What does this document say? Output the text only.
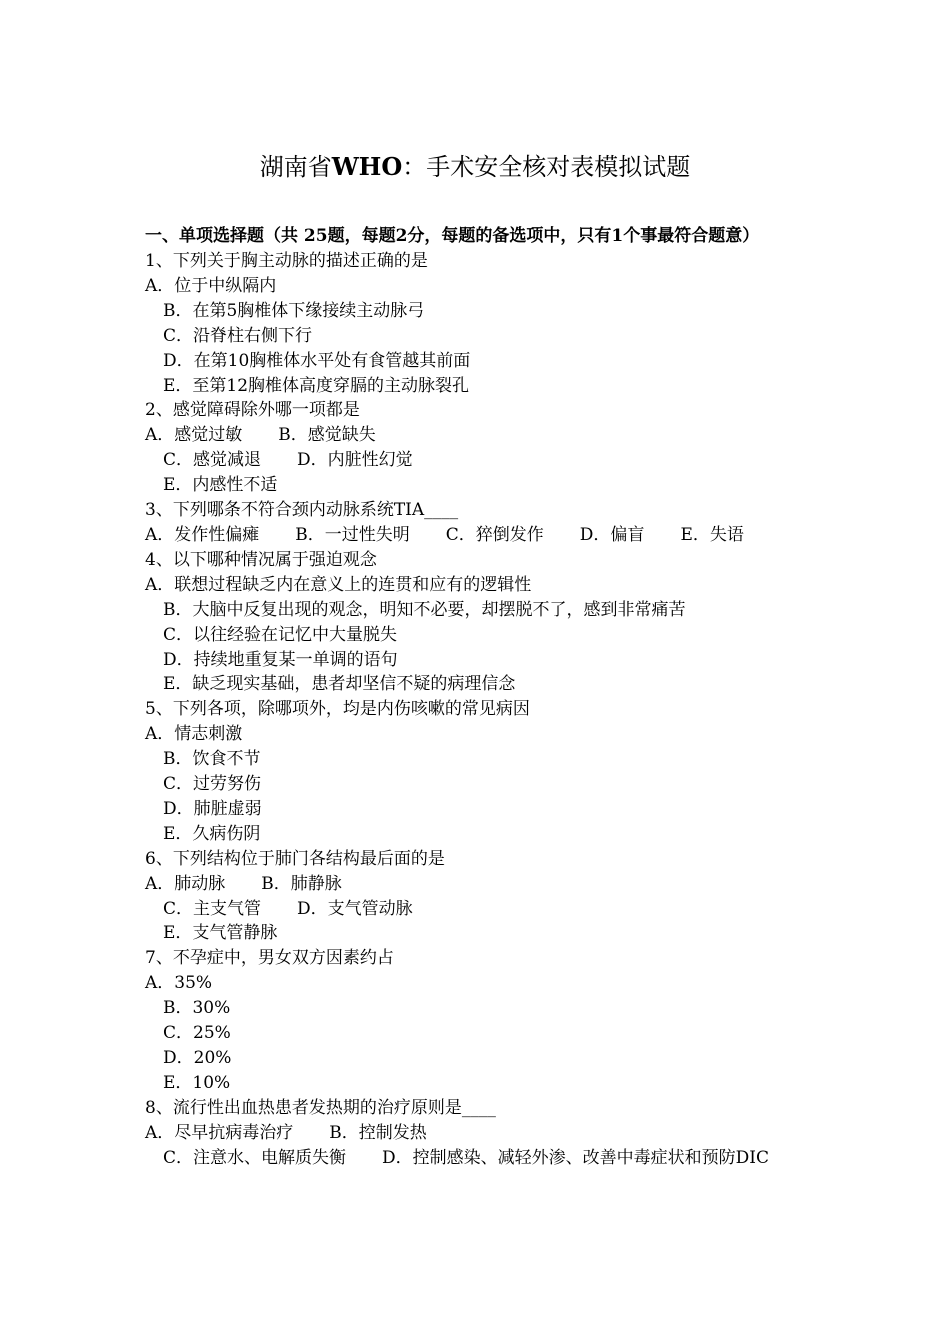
湖南省WHO：手术安全核对表模拟试题
一、单项选择题（共 25题，每题2分，每题的备选项中，只有1个事最符合题意）
1、下列关于胸主动脉的描述正确的是
A．位于中纵隔内
B．在第5胸椎体下缘接续主动脉弓
C．沿脊柱右侧下行
D．在第10胸椎体水平处有食管越其前面
E．至第12胸椎体高度穿膈的主动脉裂孔
2、感觉障碍除外哪一项都是
A．感觉过敏 B．感觉缺失
C．感觉减退 D．内脏性幻觉
E．内感性不适
3、下列哪条不符合颈内动脉系统TIA____
A．发作性偏瘫 B．一过性失明 C．猝倒发作 D．偏盲 E．失语
4、以下哪种情况属于强迫观念
A．联想过程缺乏内在意义上的连贯和应有的逻辑性
B．大脑中反复出现的观念，明知不必要，却摆脱不了，感到非常痛苦
C．以往经验在记忆中大量脱失
D．持续地重复某一单调的语句
E．缺乏现实基础，患者却坚信不疑的病理信念
5、下列各项，除哪项外，均是内伤咳嗽的常见病因
A．情志刺激
B．饮食不节
C．过劳努伤
D．肺脏虚弱
E．久病伤阴
6、下列结构位于肺门各结构最后面的是
A．肺动脉 B．肺静脉
C．主支气管 D．支气管动脉
E．支气管静脉
7、不孕症中，男女双方因素约占
A．35%
B．30%
C．25%
D．20%
E．10%
8、流行性出血热患者发热期的治疗原则是____
A．尽早抗病毒治疗 B．控制发热
C．注意水、电解质失衡 D．控制感染、减轻外渗、改善中毒症状和预防DIC
